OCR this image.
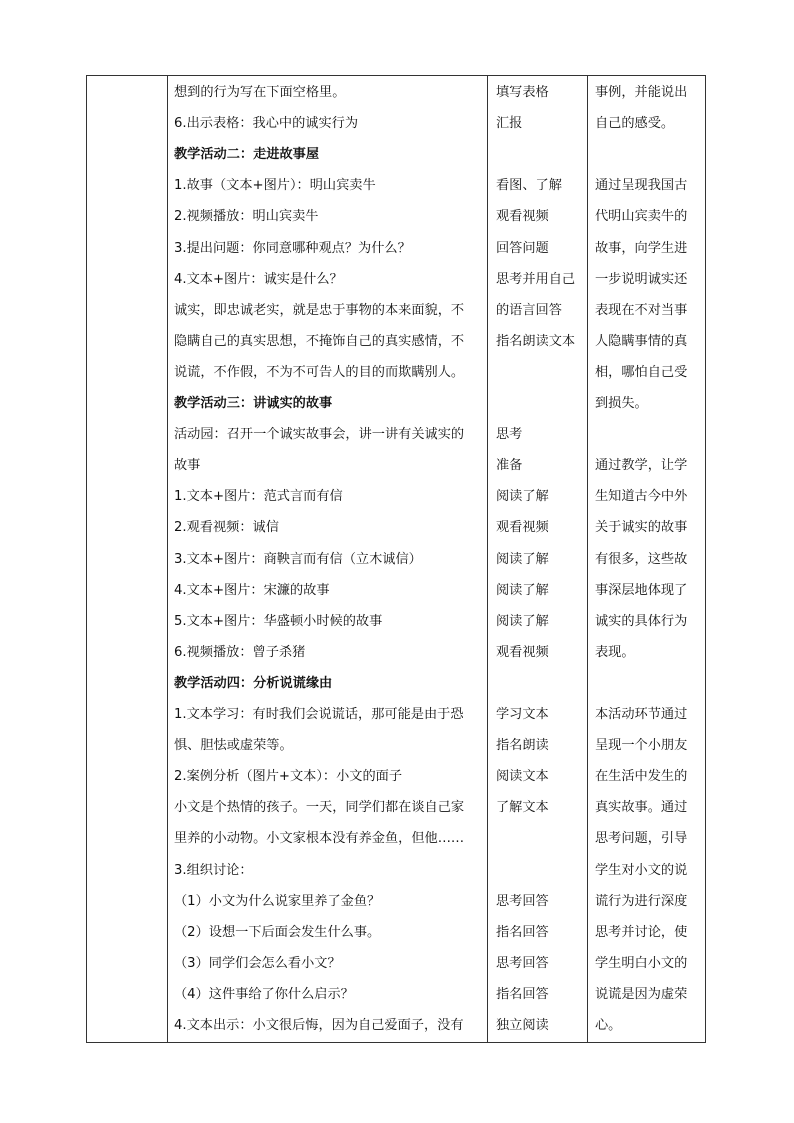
想到的行为写在下面空格里。
6.出示表格：我心中的诚实行为
教学活动二：走进故事屋
1.故事（文本+图片）：明山宾卖牛
2.视频播放：明山宾卖牛
3.提出问题：你同意哪种观点？为什么？
4.文本+图片：诚实是什么？
诚实，即忠诚老实，就是忠于事物的本来面貌，不
隐瞒自己的真实思想，不掩饰自己的真实感情，不
说谎，不作假，不为不可告人的目的而欺瞒别人。
教学活动三：讲诚实的故事
活动园：召开一个诚实故事会，讲一讲有关诚实的
故事
1.文本+图片：范式言而有信
2.观看视频：诚信
3.文本+图片：商鞅言而有信（立木诚信）
4.文本+图片：宋濂的故事
5.文本+图片：华盛顿小时候的故事
6.视频播放：曾子杀猪
教学活动四：分析说谎缘由
1.文本学习：有时我们会说谎话，那可能是由于恐
惧、胆怯或虚荣等。
2.案例分析（图片+文本）：小文的面子
小文是个热情的孩子。一天，同学们都在谈自己家
里养的小动物。小文家根本没有养金鱼，但他……
3.组织讨论：
（1）小文为什么说家里养了金鱼？
（2）设想一下后面会发生什么事。
（3）同学们会怎么看小文？
（4）这件事给了你什么启示？
4.文本出示：小文很后悔，因为自己爱面子，没有
填写表格
汇报
看图、了解
观看视频
回答问题
思考并用自己
的语言回答
指名朗读文本
思考
准备
阅读了解
观看视频
阅读了解
阅读了解
阅读了解
观看视频
学习文本
指名朗读
阅读文本
了解文本
思考回答
指名回答
思考回答
指名回答
独立阅读
事例，并能说出
自己的感受。
通过呈现我国古
代明山宾卖牛的
故事，向学生进
一步说明诚实还
表现在不对当事
人隐瞒事情的真
相，哪怕自己受
到损失。
通过教学，让学
生知道古今中外
关于诚实的故事
有很多，这些故
事深层地体现了
诚实的具体行为
表现。
本活动环节通过
呈现一个小朋友
在生活中发生的
真实故事。通过
思考问题，引导
学生对小文的说
谎行为进行深度
思考并讨论，使
学生明白小文的
说谎是因为虚荣
心。
